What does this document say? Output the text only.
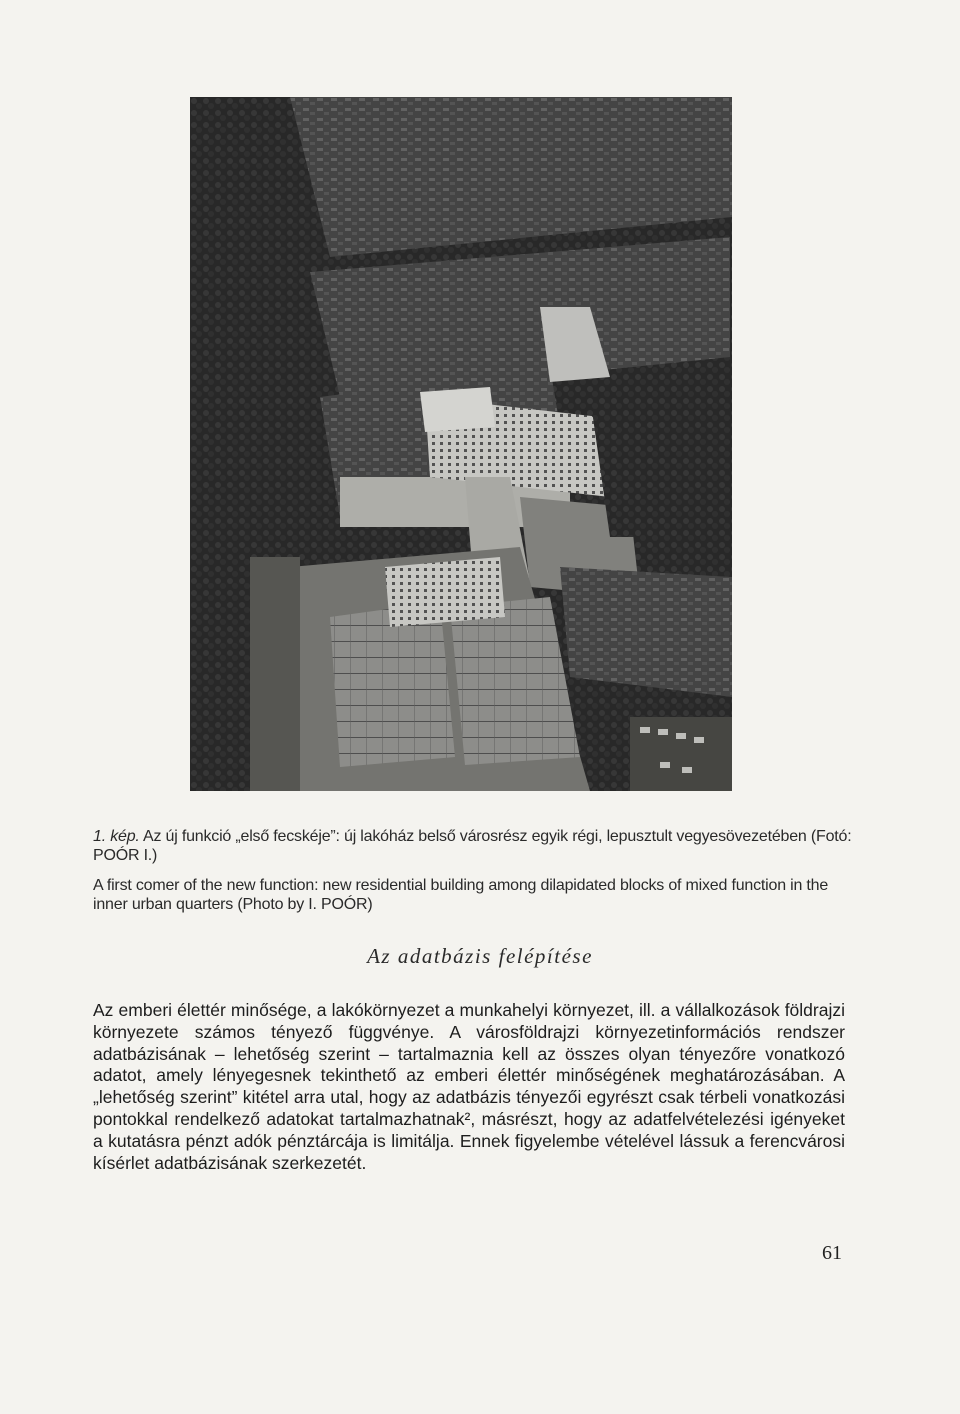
1. kép. Az új funkció „első fecskéje”: új lakóház belső városrész egyik régi, lepusztult vegyesövezetében (Fotó: POÓR I.)
A first comer of the new function: new residential building among dilapidated blocks of mixed function in the inner urban quarters (Photo by I. POÓR)
Az adatbázis felépítése

Az emberi élettér minősége, a lakókörnyezet a munkahelyi környezet, ill. a vállalkozások földrajzi környezete számos tényező függvénye. A városföldrajzi környezetinformációs rendszer adatbázisának – lehetőség szerint – tartalmaznia kell az összes olyan tényezőre vonatkozó adatot, amely lényegesnek tekinthető az emberi élettér minőségének meghatározásában. A „lehetőség szerint” kitétel arra utal, hogy az adatbázis tényezői egyrészt csak térbeli vonatkozási pontokkal rendelkező adatokat tartalmazhatnak², másrészt, hogy az adatfelvételezési igényeket a kutatásra pénzt adók pénztárcája is limitálja. Ennek figyelembe vételével lássuk a ferencvárosi kísérlet adatbázisának szerkezetét.

61
